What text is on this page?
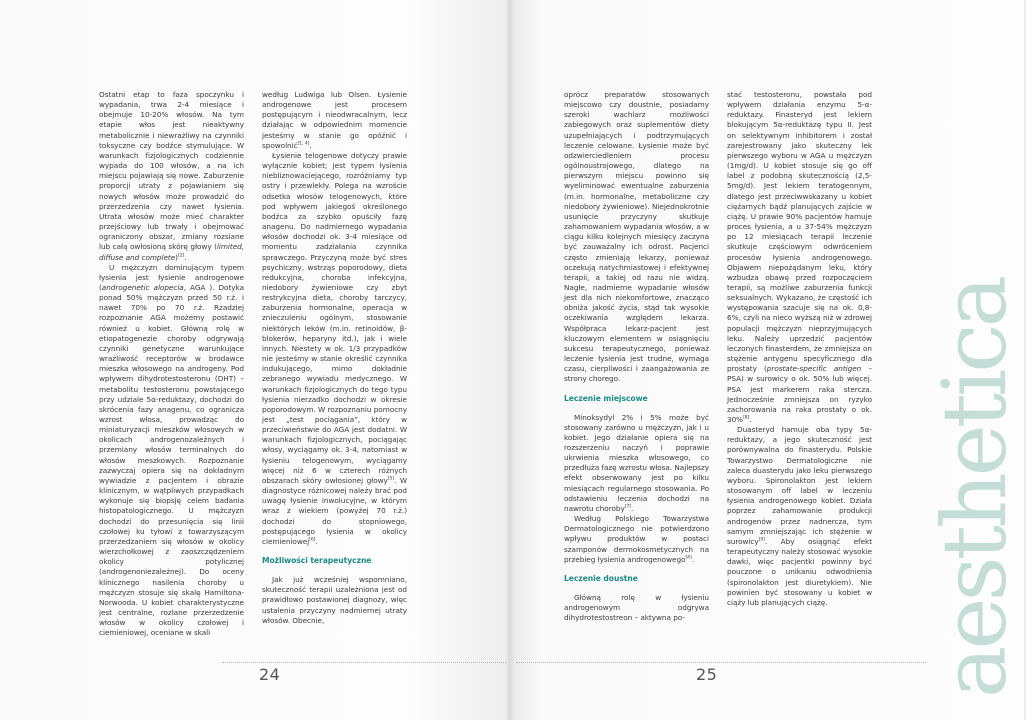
Ostatni etap to faza spoczynku i wypadania, trwa 2-4 miesiące i obejmuje 10-20% włosów. Na tym etapie włos jest nieaktywny metabolicznie i niewrażliwy na czynniki toksyczne czy bodźce stymulujące. W warunkach fizjologicznych codziennie wypada do 100 włosów, a na ich miejscu pojawiają się nowe. Zaburzenie proporcji utraty z pojawianiem się nowych włosów może prowadzić do przerzedzenia czy nawet łysienia. Utrata włosów może mieć charakter przejściowy lub trwały i obejmować ograniczony obszar, zmiany rozsiane lub całą owłosioną skórę głowy (limited, diffuse and complete)[2].

U mężczyzn dominującym typem łysienia jest łysienie androgenowe (androgenetic alopecia, AGA ). Dotyka ponad 50% mężczyzn przed 50 r.ż. i nawet 70% po 70 r.ż. Rzadziej rozpoznanie AGA możemy postawić również u kobiet. Główną rolę w etiopatogenezie choroby odgrywają czynniki genetyczne warunkujące wrażliwość receptorów w brodawce mieszka włosowego na androgeny. Pod wpływem dihydrotestosteronu (DHT) – metabolitu testosteronu powstającego przy udziale 5α-reduktazy, dochodzi do skrócenia fazy anagenu, co ogranicza wzrost włosa, prowadząc do miniaturyzacji mieszków włosowych w okolicach androgenozależnych i przemiany włosów terminalnych do włosów meszkowych. Rozpoznanie zazwyczaj opiera się na dokładnym wywiadzie z pacjentem i obrazie klinicznym, w wątpliwych przypadkach wykonuje się biopsję celem badania histopatologicznego. U mężczyzn dochodzi do przesunięcia się linii czołowej ku tyłowi z towarzyszącym przerzedzaniem się włosów w okolicy wierzchołkowej z zaoszczędzeniem okolicy potylicznej (androgenoniezależnej). Do oceny klinicznego nasilenia choroby u mężczyzn stosuje się skalę Hamiltona-Norwooda. U kobiet charakterystyczne jest centralne, rozlane przerzedzenie włosów w okolicy czołowej i ciemieniowej, oceniane w skali

według Ludwiga lub Olsen. Łysienie androgenowe jest procesem postępującym i nieodwracalnym, lecz działając w odpowiednim momencie jesteśmy w stanie go opóźnić i spowolnić[1, 4].

Łysienie telogenowe dotyczy prawie wyłącznie kobiet; jest typem łysienia niebliznowaciejącego, rozróżniamy typ ostry i przewlekły. Polega na wzroście odsetka włosów telogenowych, które pod wpływem jakiegoś określonego bodźca za szybko opuściły fazę anagenu. Do nadmiernego wypadania włosów dochodzi ok. 3-4 miesiące od momentu zadziałania czynnika sprawczego. Przyczyną może być stres psychiczny, wstrząs poporodowy, dieta redukcyjna, choroba infekcyjna, niedobory żywieniowe czy zbyt restrykcyjna dieta, choroby tarczycy, zaburzenia hormonalne, operacja w znieczuleniu ogólnym, stosowanie niektórych leków (m.in. retinoidów, β-blokerów, heparyny itd.), jak i wiele innych. Niestety w ok. 1/3 przypadków nie jesteśmy w stanie określić czynnika indukującego, mimo dokładnie zebranego wywiadu medycznego. W warunkach fizjologicznych do tego typu łysienia nierzadko dochodzi w okresie poporodowym. W rozpoznaniu pomocny jest „test pociągania”, który w przeciwieństwie do AGA jest dodatni. W warunkach fizjologicznych, pociągając włosy, wyciągamy ok. 3-4, natomiast w łysieniu telogenowym, wyciągamy więcej niż 6 w czterech różnych obszarach skóry owłosionej głowy[5]. W diagnostyce różnicowej należy brać pod uwagę łysienie inwolucyjne, w którym wraz z wiekiem (powyżej 70 r.ż.) dochodzi do stopniowego, postępującego łysienia w okolicy ciemieniowej[6].

Możliwości terapeutyczne

Jak już wcześniej wspomniano, skuteczność terapii uzależniona jest od prawidłowo postawionej diagnozy, więc ustalenia przyczyny nadmiernej utraty włosów. Obecnie,

oprócz preparatów stosowanych miejscowo czy doustnie, posiadamy szeroki wachlarz możliwości zabiegowych oraz suplementów diety uzupełniających i podtrzymujących leczenie celowane. Łysienie może być odzwierciedleniem procesu ogólnoustrojowego, dlatego na pierwszym miejscu powinno się wyeliminować ewentualne zaburzenia (m.in. hormonalne, metaboliczne czy niedobory żywieniowe). Niejednokrotnie usunięcie przyczyny skutkuje zahamowaniem wypadania włosów, a w ciągu kilku kolejnych miesięcy zaczyna być zauważalny ich odrost. Pacjenci często zmieniają lekarzy, ponieważ oczekują natychmiastowej i efektywnej terapii, a takiej od razu nie widzą. Nagłe, nadmierne wypadanie włosów jest dla nich niekomfortowe, znacząco obniża jakość życia, stąd tak wysokie oczekiwania względem lekarza. Współpraca lekarz-pacjent jest kluczowym elementem w osiągnięciu sukcesu terapeutycznego, ponieważ leczenie łysienia jest trudne, wymaga czasu, cierpliwości i zaangażowania ze strony chorego.

Leczenie miejscowe

Minoksydyl 2% i 5% może być stosowany zarówno u mężczyzn, jak i u kobiet. Jego działanie opiera się na rozszerzeniu naczyń i poprawie ukrwienia mieszka włosowego, co przedłuża fazę wzrostu włosa. Najlepszy efekt obserwowany jest po kilku miesiącach regularnego stosowania. Po odstawieniu leczenia dochodzi na nawrotu choroby[7].

Według Polskiego Towarzystwa Dermatologicznego nie potwierdzono wpływu produktów w postaci szamponów dermokosmetycznych na przebieg łysienia androgenowego[4].

Leczenie doustne

Główną rolę w łysieniu androgenowym odgrywa dihydrotestostreon – aktywna po-

stać testosteronu, powstała pod wpływem działania enzymu 5-α-reduktazy. Finasteryd jest lekiem blokującym 5α-reduktazę typu II. Jest on selektywnym inhibitorem i został zarejestrowany jako skuteczny lek pierwszego wyboru w AGA u mężczyzn (1mg/d). U kobiet stosuje się go off label z podobną skutecznością (2,5-5mg/d). Jest lekiem teratogennym, dlatego jest przeciwwskazany u kobiet ciężarnych bądź planujących zajście w ciążę. U prawie 90% pacjentów hamuje proces łysienia, a u 37-54% mężczyzn po 12 miesiącach terapii leczenie skutkuje częściowym odwróceniem procesów łysienia androgenowego. Objawem niepożądanym leku, który wzbudza obawę przed rozpoczęciem terapii, są możliwe zaburzenia funkcji seksualnych. Wykazano, że częstość ich występowania szacuje się na ok. 0,8-6%, czyli na nieco wyższą niż w zdrowej populacji mężczyzn nieprzyjmujących leku. Należy uprzedzić pacjentów leczonych finasterdem, że zmniejsza on stężenie antygenu specyficznego dla prostaty (prostate-specific antigen – PSA) w surowicy o ok. 50% lub więcej. PSA jest markerem raka stercza. Jednocześnie zmniejsza on ryzyko zachorowania na raka prostaty o ok. 30%[8].

Duasteryd hamuje oba typy 5α-reduktazy, a jego skuteczność jest porównywalna do finasterydu. Polskie Towarzystwo Dermatologiczne nie zaleca duasterydu jako leku pierwszego wyboru. Spironolakton jest lekiem stosowanym off label w leczeniu łysienia androgenowego kobiet. Działa poprzez zahamowanie produkcji androgenów przez nadnercza, tym samym zmniejszając ich stężenie w surowicy[9]. Aby osiągnąć efekt terapeutyczny należy stosować wysokie dawki, więc pacjentki powinny być pouczone o unikaniu odwodnienia (spironolakton jest diuretykiem). Nie powinien być stosowany u kobiet w ciąży lub planujących ciążę.

24	25 aesthetica
